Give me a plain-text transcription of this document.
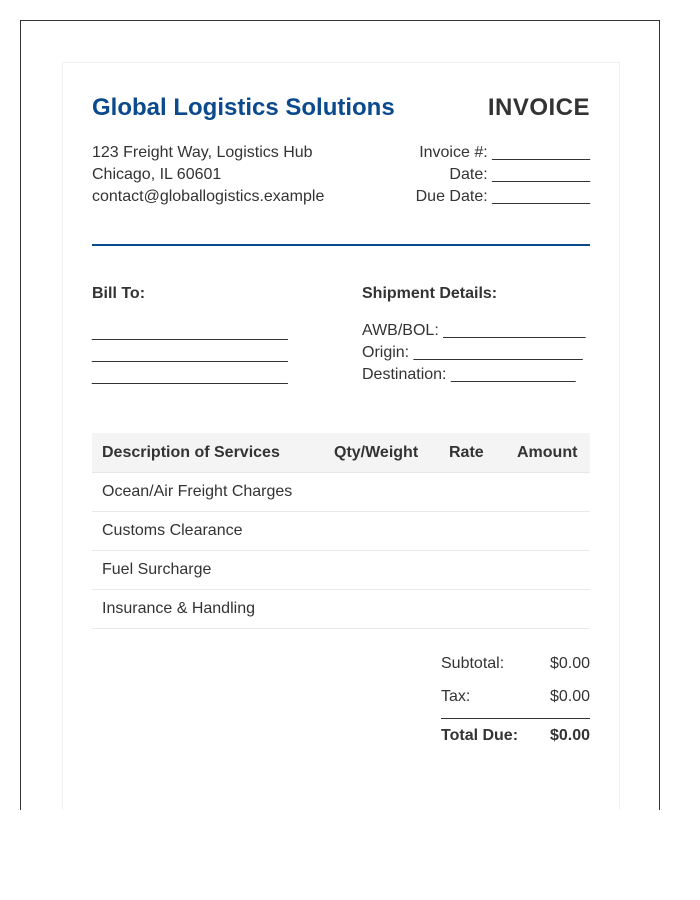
Global Logistics Solutions	INVOICE
123 Freight Way, Logistics Hub
Chicago, IL 60601
contact@globallogistics.example
Invoice #: ___________
Date: ___________
Due Date: ___________
Bill To:	Shipment Details:
______________________
______________________
______________________
AWB/BOL: ________________
Origin: ___________________
Destination: ______________
Description of Services	Qty/Weight	Rate	Amount
Ocean/Air Freight Charges			
Customs Clearance			
Fuel Surcharge			
Insurance & Handling			
Subtotal:	$0.00
Tax:	$0.00
Total Due: $0.00
